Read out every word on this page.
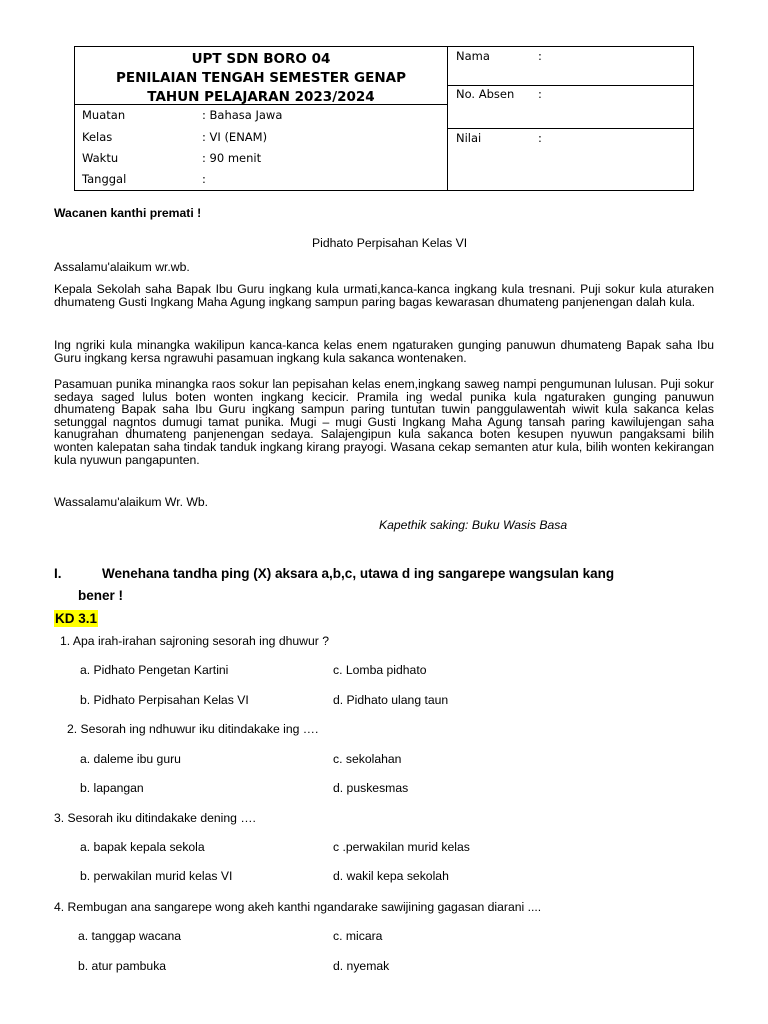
UPT SDN BORO 04
PENILAIAN TENGAH SEMESTER GENAP
TAHUN PELAJARAN 2023/2024
Muatan	: Bahasa Jawa
Kelas	: VI (ENAM)
Waktu	: 90 menit
Tanggal	:
Nama	:
No. Absen :
Nilai	:
Wacanen kanthi premati !
Pidhato Perpisahan Kelas VI
Assalamu'alaikum wr.wb.
Kepala Sekolah saha Bapak Ibu Guru ingkang kula urmati,kanca-kanca ingkang kula tresnani. Puji sokur kula aturaken dhumateng Gusti Ingkang Maha Agung ingkang sampun paring bagas kewarasan dhumateng panjenengan dalah kula.
Ing ngriki kula minangka wakilipun kanca-kanca kelas enem ngaturaken gunging panuwun dhumateng Bapak saha Ibu Guru ingkang kersa ngrawuhi pasamuan ingkang kula sakanca wontenaken.
Pasamuan punika minangka raos sokur lan pepisahan kelas enem,ingkang saweg nampi pengumunan lulusan. Puji sokur sedaya saged lulus boten wonten ingkang kecicir. Pramila ing wedal punika kula ngaturaken gunging panuwun dhumateng Bapak saha Ibu Guru ingkang sampun paring tuntutan tuwin panggulawentah wiwit kula sakanca kelas setunggal nagntos dumugi tamat punika. Mugi – mugi Gusti Ingkang Maha Agung tansah paring kawilujengan saha kanugrahan dhumateng panjenengan sedaya. Salajengipun kula sakanca boten kesupen nyuwun pangaksami bilih wonten kalepatan saha tindak tanduk ingkang kirang prayogi. Wasana cekap semanten atur kula, bilih wonten kekirangan kula nyuwun pangapunten.
Wassalamu'alaikum Wr. Wb.
Kapethik saking: Buku Wasis Basa
I.	Wenehana tandha ping (X) aksara a,b,c, utawa d ing sangarepe wangsulan kang
bener !
KD 3.1
1. Apa irah-irahan sajroning sesorah ing dhuwur ?
a. Pidhato Pengetan Kartini
b. Pidhato Perpisahan Kelas VI
c. Lomba pidhato
d. Pidhato ulang taun
2. Sesorah ing ndhuwur iku ditindakake ing ….
a. daleme ibu guru
b. lapangan
c. sekolahan
d. puskesmas
3. Sesorah iku ditindakake dening ….
a. bapak kepala sekola
b. perwakilan murid kelas VI
c .perwakilan murid kelas
d. wakil kepa sekolah
4. Rembugan ana sangarepe wong akeh kanthi ngandarake sawijining gagasan diarani ....
a. tanggap wacana
b. atur pambuka
c. micara
d. nyemak
